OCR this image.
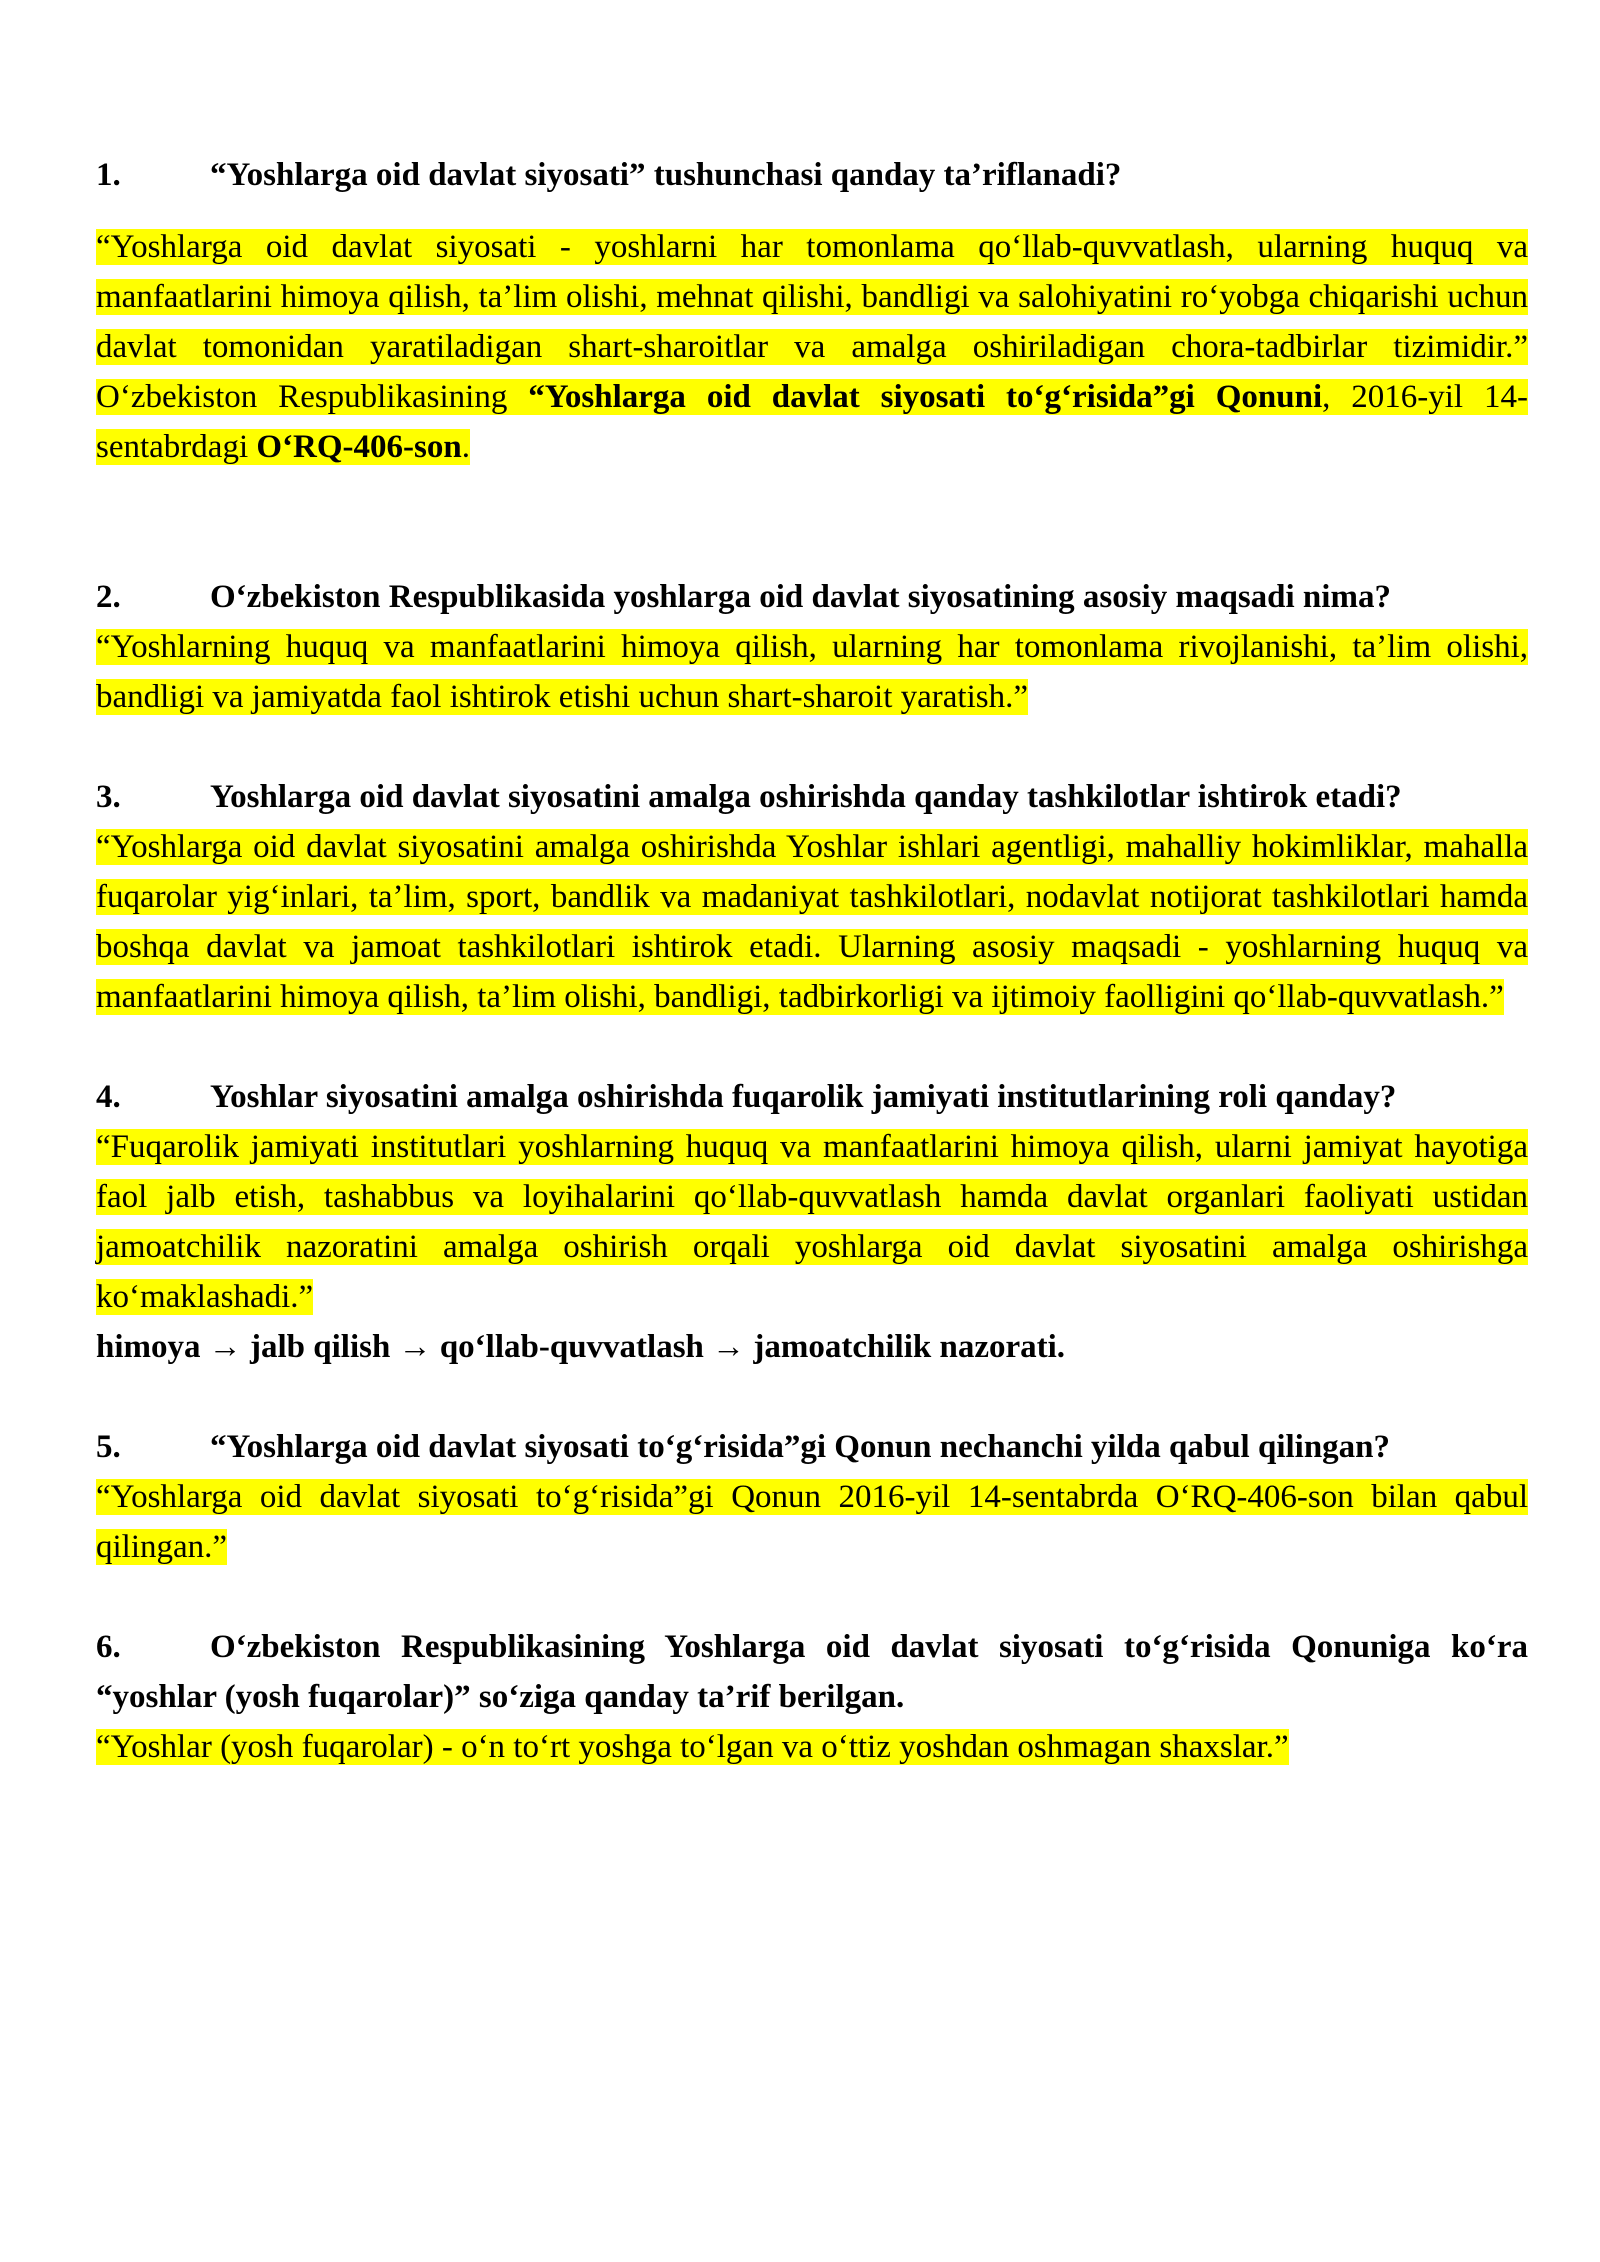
1.	“Yoshlarga oid davlat siyosati” tushunchasi qanday ta’riflanadi?

“Yoshlarga oid davlat siyosati - yoshlarni har tomonlama qo‘llab-quvvatlash, ularning huquq va manfaatlarini himoya qilish, ta’lim olishi, mehnat qilishi, bandligi va salohiyatini ro‘yobga chiqarishi uchun davlat tomonidan yaratiladigan shart-sharoitlar va amalga oshiriladigan chora-tadbirlar tizimidir.” O‘zbekiston Respublikasining “Yoshlarga oid davlat siyosati to‘g‘risida”gi Qonuni, 2016-yil 14-sentabrdagi O‘RQ-406-son.

2.	O‘zbekiston Respublikasida yoshlarga oid davlat siyosatining asosiy maqsadi nima?

“Yoshlarning huquq va manfaatlarini himoya qilish, ularning har tomonlama rivojlanishi, ta’lim olishi, bandligi va jamiyatda faol ishtirok etishi uchun shart-sharoit yaratish.”

3.	Yoshlarga oid davlat siyosatini amalga oshirishda qanday tashkilotlar ishtirok etadi?

“Yoshlarga oid davlat siyosatini amalga oshirishda Yoshlar ishlari agentligi, mahalliy hokimliklar, mahalla fuqarolar yig‘inlari, ta’lim, sport, bandlik va madaniyat tashkilotlari, nodavlat notijorat tashkilotlari hamda boshqa davlat va jamoat tashkilotlari ishtirok etadi. Ularning asosiy maqsadi - yoshlarning huquq va manfaatlarini himoya qilish, ta’lim olishi, bandligi, tadbirkorligi va ijtimoiy faolligini qo‘llab-quvvatlash.”

4.	Yoshlar siyosatini amalga oshirishda fuqarolik jamiyati institutlarining roli qanday?

“Fuqarolik jamiyati institutlari yoshlarning huquq va manfaatlarini himoya qilish, ularni jamiyat hayotiga faol jalb etish, tashabbus va loyihalarini qo‘llab-quvvatlash hamda davlat organlari faoliyati ustidan jamoatchilik nazoratini amalga oshirish orqali yoshlarga oid davlat siyosatini amalga oshirishga ko‘maklashadi.”

himoya → jalb qilish → qo‘llab-quvvatlash → jamoatchilik nazorati.

5.	“Yoshlarga oid davlat siyosati to‘g‘risida”gi Qonun nechanchi yilda qabul qilingan?

“Yoshlarga oid davlat siyosati to‘g‘risida”gi Qonun 2016-yil 14-sentabrda O‘RQ-406-son bilan qabul qilingan.”

6.	O‘zbekiston Respublikasining Yoshlarga oid davlat siyosati to‘g‘risida Qonuniga ko‘ra “yoshlar (yosh fuqarolar)” so‘ziga qanday ta’rif berilgan.

“Yoshlar (yosh fuqarolar) - o‘n to‘rt yoshga to‘lgan va o‘ttiz yoshdan oshmagan shaxslar.”
